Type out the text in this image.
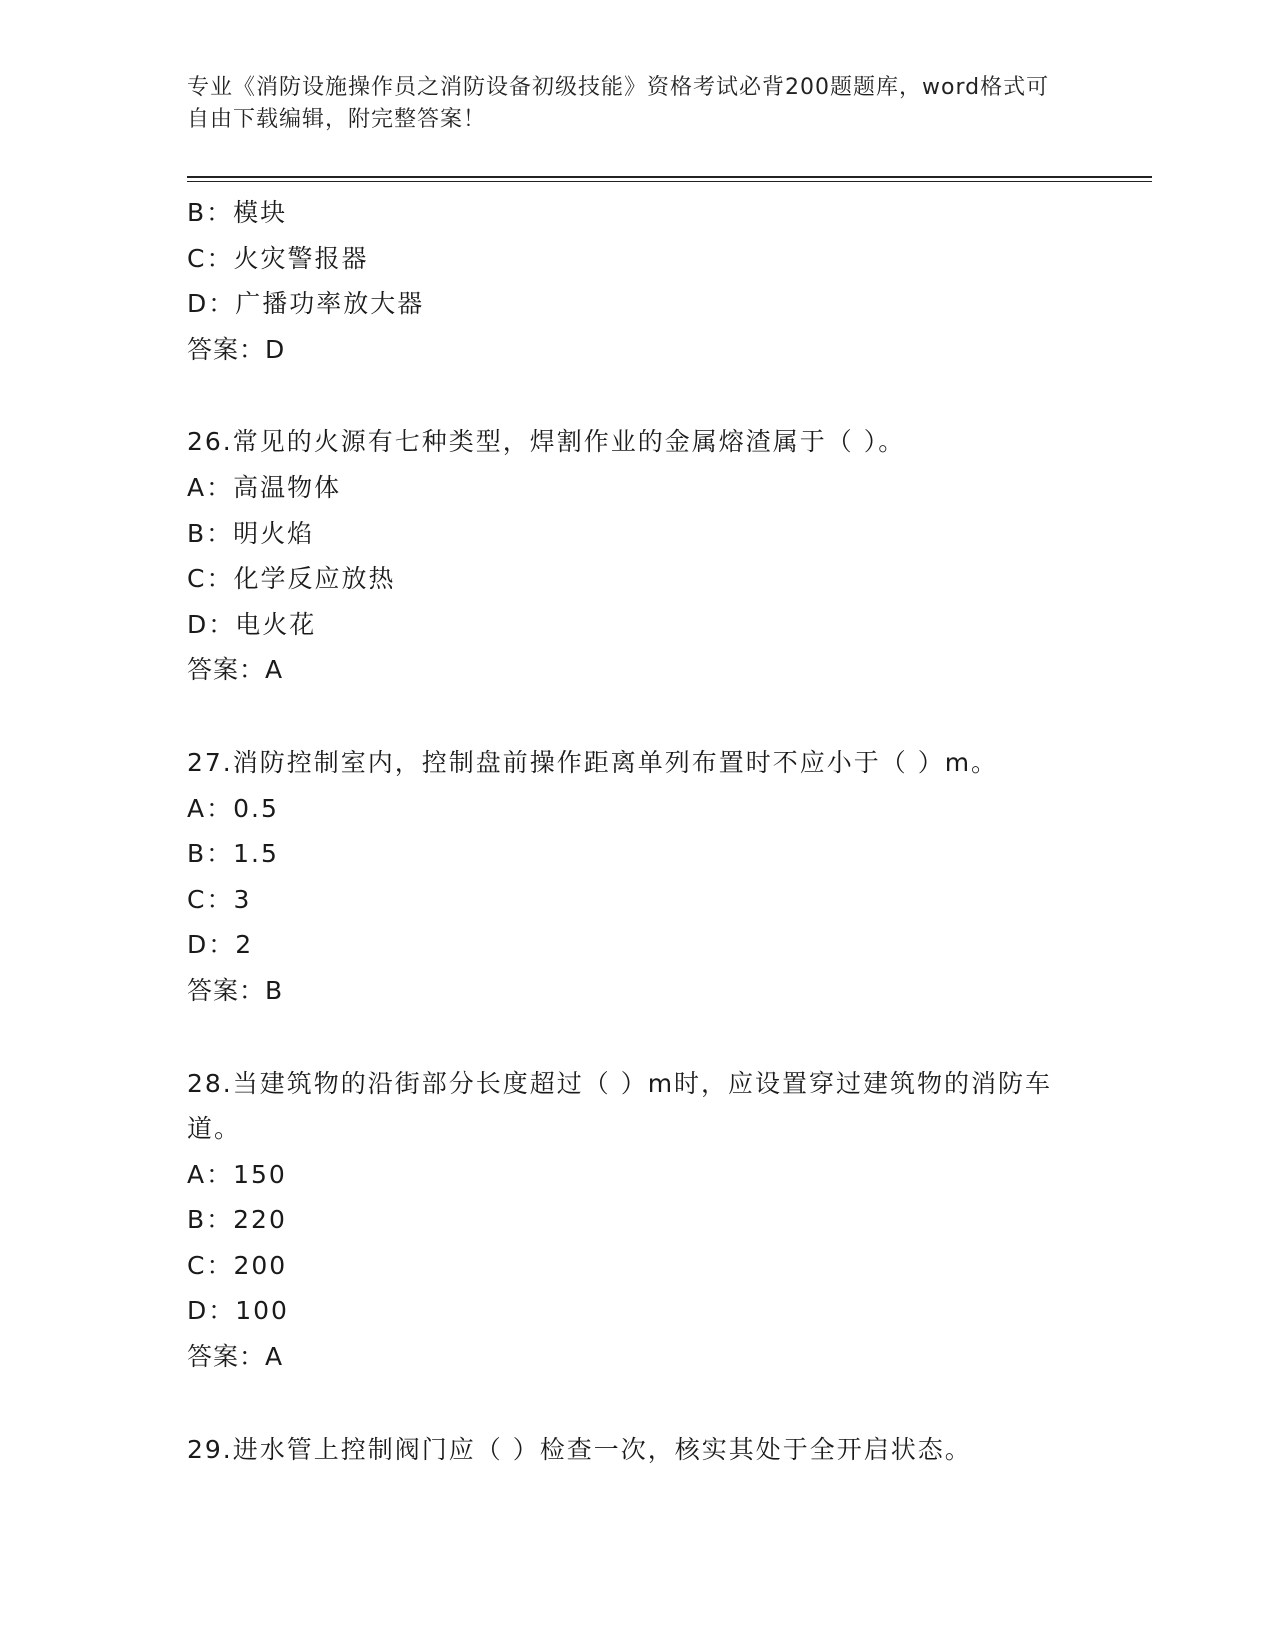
专业《消防设施操作员之消防设备初级技能》资格考试必背200题题库，word格式可自由下载编辑，附完整答案！
B：模块
C：火灾警报器
D：广播功率放大器
答案：D
26.常见的火源有七种类型，焊割作业的金属熔渣属于（ ）。
A：高温物体
B：明火焰
C：化学反应放热
D：电火花
答案：A
27.消防控制室内，控制盘前操作距离单列布置时不应小于（ ）m。
A：0.5
B：1.5
C：3
D：2
答案：B
28.当建筑物的沿街部分长度超过（ ）m时，应设置穿过建筑物的消防车道。
A：150
B：220
C：200
D：100
答案：A
29.进水管上控制阀门应（ ）检查一次，核实其处于全开启状态。
